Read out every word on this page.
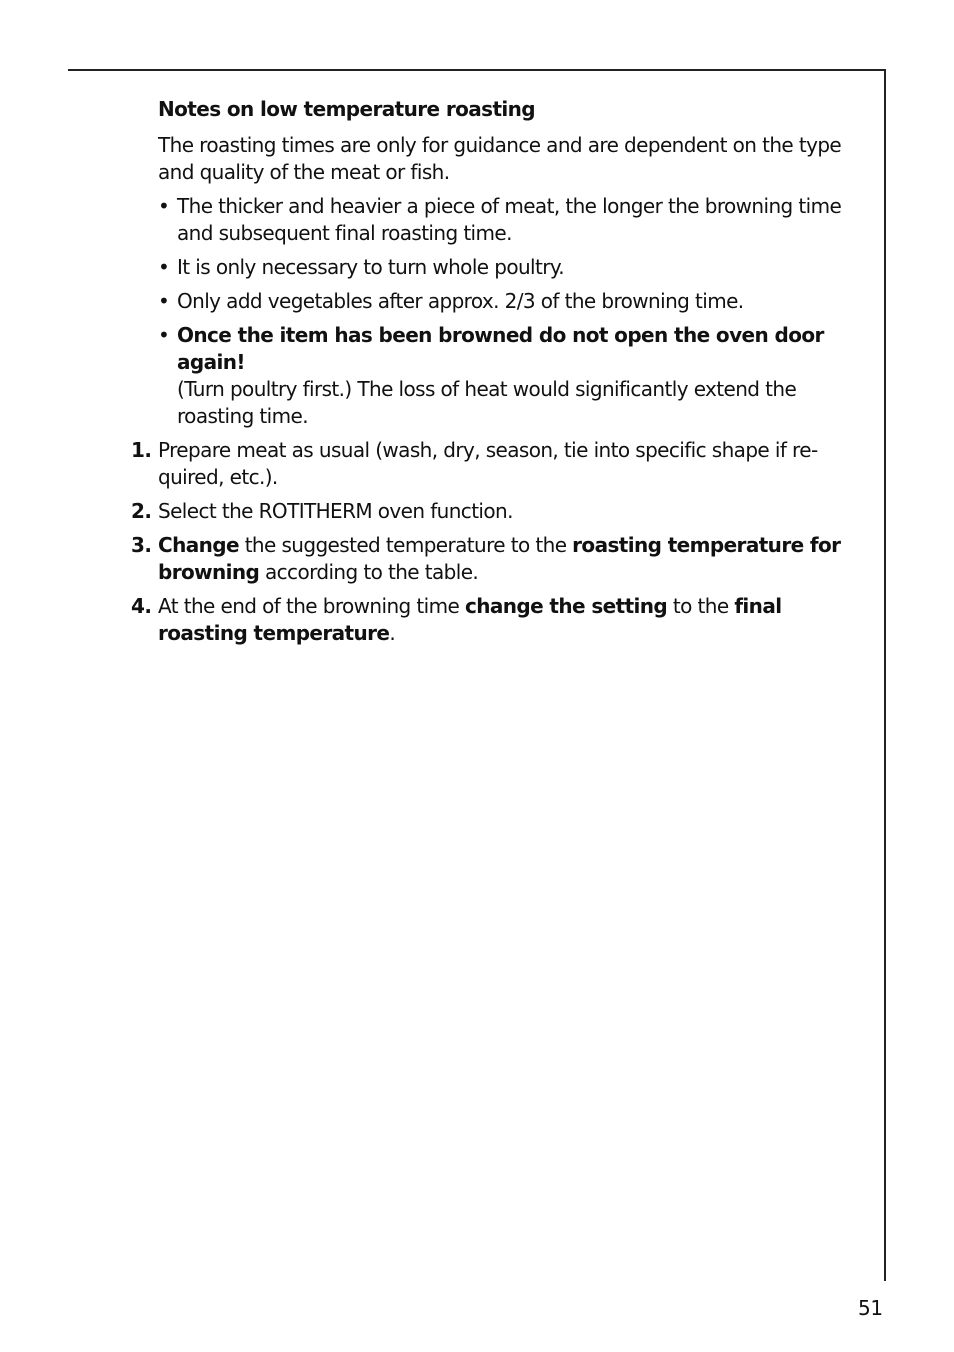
Notes on low temperature roasting
The roasting times are only for guidance and are dependent on the type and quality of the meat or fish.
• The thicker and heavier a piece of meat, the longer the browning time and subsequent final roasting time.
• It is only necessary to turn whole poultry.
• Only add vegetables after approx. 2/3 of the browning time.
• Once the item has been browned do not open the oven door again!
(Turn poultry first.) The loss of heat would significantly extend the roasting time.
1. Prepare meat as usual (wash, dry, season, tie into specific shape if re-quired, etc.).
2. Select the ROTITHERM oven function.
3. Change the suggested temperature to the roasting temperature for browning according to the table.
4. At the end of the browning time change the setting to the final roasting temperature.
51
